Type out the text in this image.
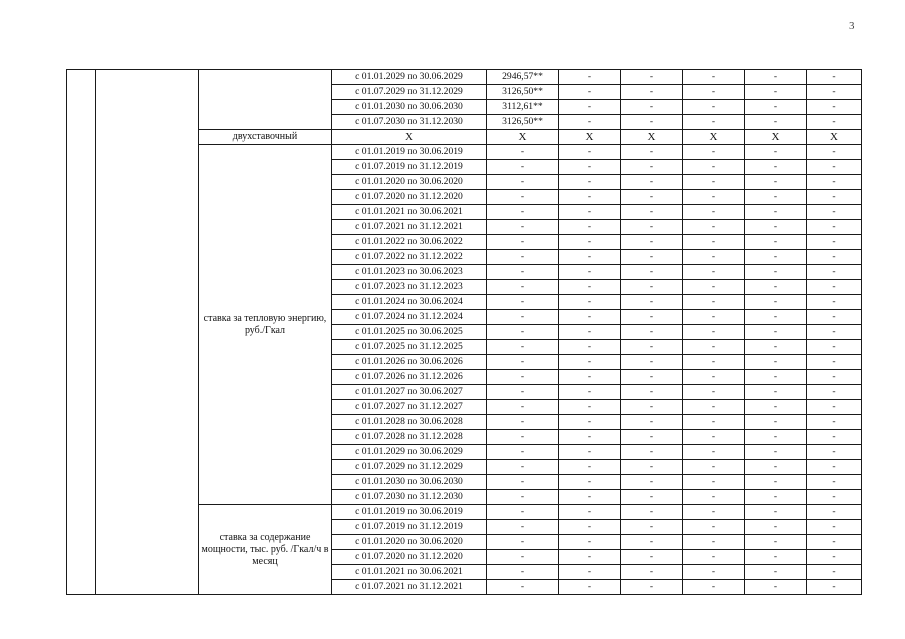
3
			с 01.01.2029 по 30.06.2029	2946,57**	-	-	-	-	-
			с 01.07.2029 по 31.12.2029	3126,50**	-	-	-	-	-
			с 01.01.2030 по 30.06.2030	3112,61**	-	-	-	-	-
			с 01.07.2030 по 31.12.2030	3126,50**	-	-	-	-	-
		двухставочный	X	X	X	X	X	X	X
		ставка за тепловую энергию, руб./Гкал	с 01.01.2019 по 30.06.2019	-	-	-	-	-	-
			с 01.07.2019 по 31.12.2019	-	-	-	-	-	-
			с 01.01.2020 по 30.06.2020	-	-	-	-	-	-
			с 01.07.2020 по 31.12.2020	-	-	-	-	-	-
			с 01.01.2021 по 30.06.2021	-	-	-	-	-	-
			с 01.07.2021 по 31.12.2021	-	-	-	-	-	-
			с 01.01.2022 по 30.06.2022	-	-	-	-	-	-
			с 01.07.2022 по 31.12.2022	-	-	-	-	-	-
			с 01.01.2023 по 30.06.2023	-	-	-	-	-	-
			с 01.07.2023 по 31.12.2023	-	-	-	-	-	-
			с 01.01.2024 по 30.06.2024	-	-	-	-	-	-
			с 01.07.2024 по 31.12.2024	-	-	-	-	-	-
			с 01.01.2025 по 30.06.2025	-	-	-	-	-	-
			с 01.07.2025 по 31.12.2025	-	-	-	-	-	-
			с 01.01.2026 по 30.06.2026	-	-	-	-	-	-
			с 01.07.2026 по 31.12.2026	-	-	-	-	-	-
			с 01.01.2027 по 30.06.2027	-	-	-	-	-	-
			с 01.07.2027 по 31.12.2027	-	-	-	-	-	-
			с 01.01.2028 по 30.06.2028	-	-	-	-	-	-
			с 01.07.2028 по 31.12.2028	-	-	-	-	-	-
			с 01.01.2029 по 30.06.2029	-	-	-	-	-	-
			с 01.07.2029 по 31.12.2029	-	-	-	-	-	-
			с 01.01.2030 по 30.06.2030	-	-	-	-	-	-
			с 01.07.2030 по 31.12.2030	-	-	-	-	-	-
		ставка за содержание мощности, тыс. руб. /Гкал/ч в месяц	с 01.01.2019 по 30.06.2019	-	-	-	-	-	-
			с 01.07.2019 по 31.12.2019	-	-	-	-	-	-
			с 01.01.2020 по 30.06.2020	-	-	-	-	-	-
			с 01.07.2020 по 31.12.2020	-	-	-	-	-	-
			с 01.01.2021 по 30.06.2021	-	-	-	-	-	-
			с 01.07.2021 по 31.12.2021	-	-	-	-	-	-
